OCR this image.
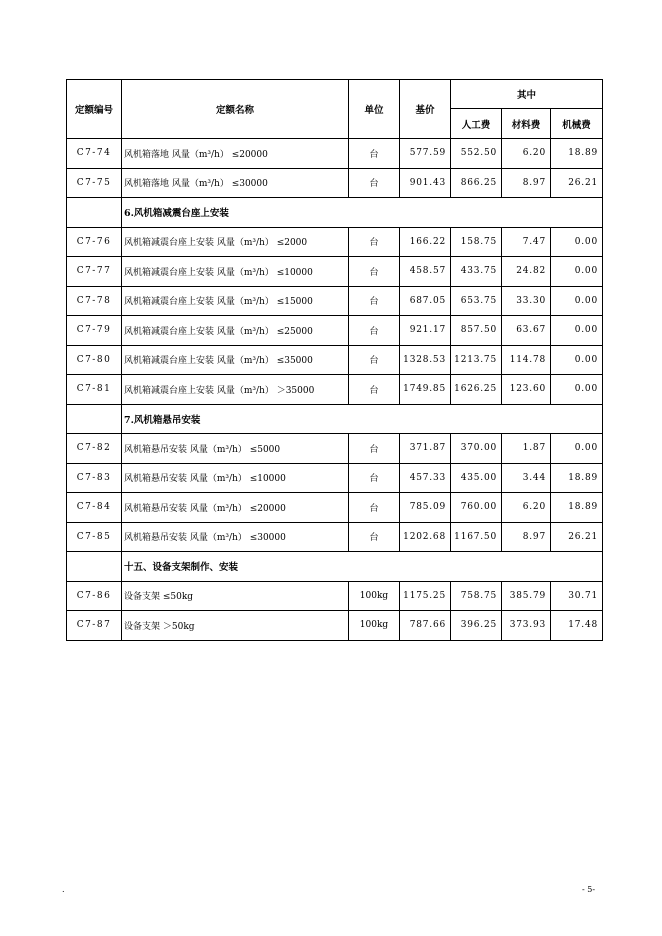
定额编号	定额名称	单位	基价	其中		
				人工费	材料费	机械费
C7-74	风机箱落地 风量（m³/h） ≤20000	台	577.59	552.50	6.20	18.89
C7-75	风机箱落地 风量（m³/h） ≤30000	台	901.43	866.25	8.97	26.21
	6.风机箱减震台座上安装					
C7-76	风机箱减震台座上安装 风量（m³/h） ≤2000	台	166.22	158.75	7.47	0.00
C7-77	风机箱减震台座上安装 风量（m³/h） ≤10000	台	458.57	433.75	24.82	0.00
C7-78	风机箱减震台座上安装 风量（m³/h） ≤15000	台	687.05	653.75	33.30	0.00
C7-79	风机箱减震台座上安装 风量（m³/h） ≤25000	台	921.17	857.50	63.67	0.00
C7-80	风机箱减震台座上安装 风量（m³/h） ≤35000	台	1328.53	1213.75	114.78	0.00
C7-81	风机箱减震台座上安装 风量（m³/h） ＞35000	台	1749.85	1626.25	123.60	0.00
	7.风机箱悬吊安装					
C7-82	风机箱悬吊安装 风量（m³/h） ≤5000	台	371.87	370.00	1.87	0.00
C7-83	风机箱悬吊安装 风量（m³/h） ≤10000	台	457.33	435.00	3.44	18.89
C7-84	风机箱悬吊安装 风量（m³/h） ≤20000	台	785.09	760.00	6.20	18.89
C7-85	风机箱悬吊安装 风量（m³/h） ≤30000	台	1202.68	1167.50	8.97	26.21
	十五、设备支架制作、安装					
C7-86	设备支架 ≤50kg	100kg	1175.25	758.75	385.79	30.71
C7-87	设备支架 ＞50kg	100kg	787.66	396.25	373.93	17.48
.	- 5-
